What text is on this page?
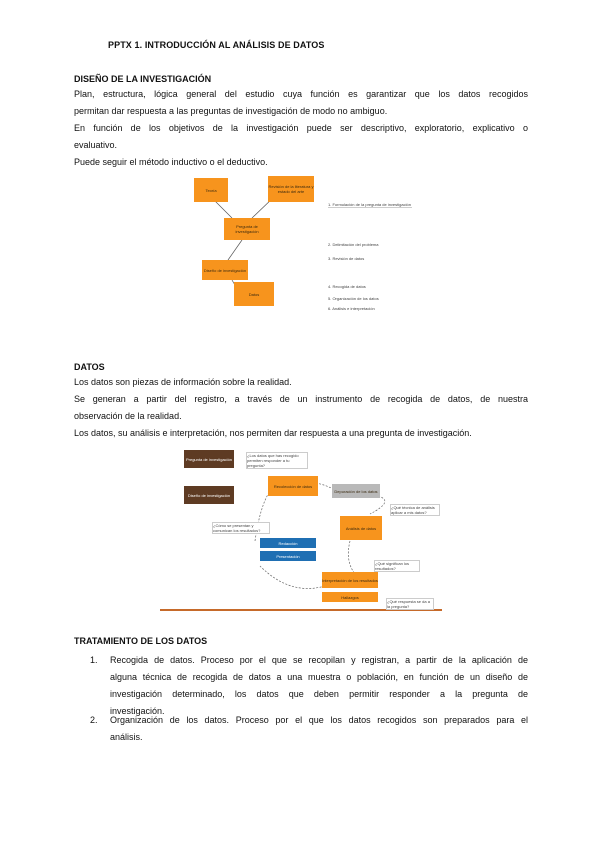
PPTX 1. INTRODUCCIÓN AL ANÁLISIS DE DATOS
DISEÑO DE LA INVESTIGACIÓN
Plan, estructura, lógica general del estudio cuya función es garantizar que los datos recogidos
permitan dar respuesta a las preguntas de investigación de modo no ambiguo.
En función de los objetivos de la investigación puede ser descriptivo, exploratorio, explicativo o
evaluativo.
Puede seguir el método inductivo o el deductivo.
Teoría
Revisión de la literatura y estado del arte
Pregunta de investigación
Diseño de investigación
Datos
1. Formulación de la pregunta de investigación
2. Delimitación del problema
3. Revisión de datos
4. Recogida de datos
5. Organización de los datos
6. Análisis e interpretación
DATOS
Los datos son piezas de información sobre la realidad.
Se generan a partir del registro, a través de un instrumento de recogida de datos, de nuestra
observación de la realidad.
Los datos, su análisis e interpretación, nos permiten dar respuesta a una pregunta de investigación.
Pregunta de investigación
Diseño de investigación
¿Los datos que has recogido permiten responder a tu pregunta?
Recolección de datos
Depuración de los datos
¿Qué técnica de análisis aplicar a mis datos?
Análisis de datos
¿Cómo se presentan y comunican los resultados?
Redacción
Presentación
¿Qué significan los resultados?
Interpretación de los resultados
Hallazgos
¿Qué respuesta se da a la pregunta?
TRATAMIENTO DE LOS DATOS
1. Recogida de datos. Proceso por el que se recopilan y registran, a partir de la aplicación de
alguna técnica de recogida de datos a una muestra o población, en función de un diseño de
investigación determinado, los datos que deben permitir responder a la pregunta de
investigación.
2. Organización de los datos. Proceso por el que los datos recogidos son preparados para el
análisis.
